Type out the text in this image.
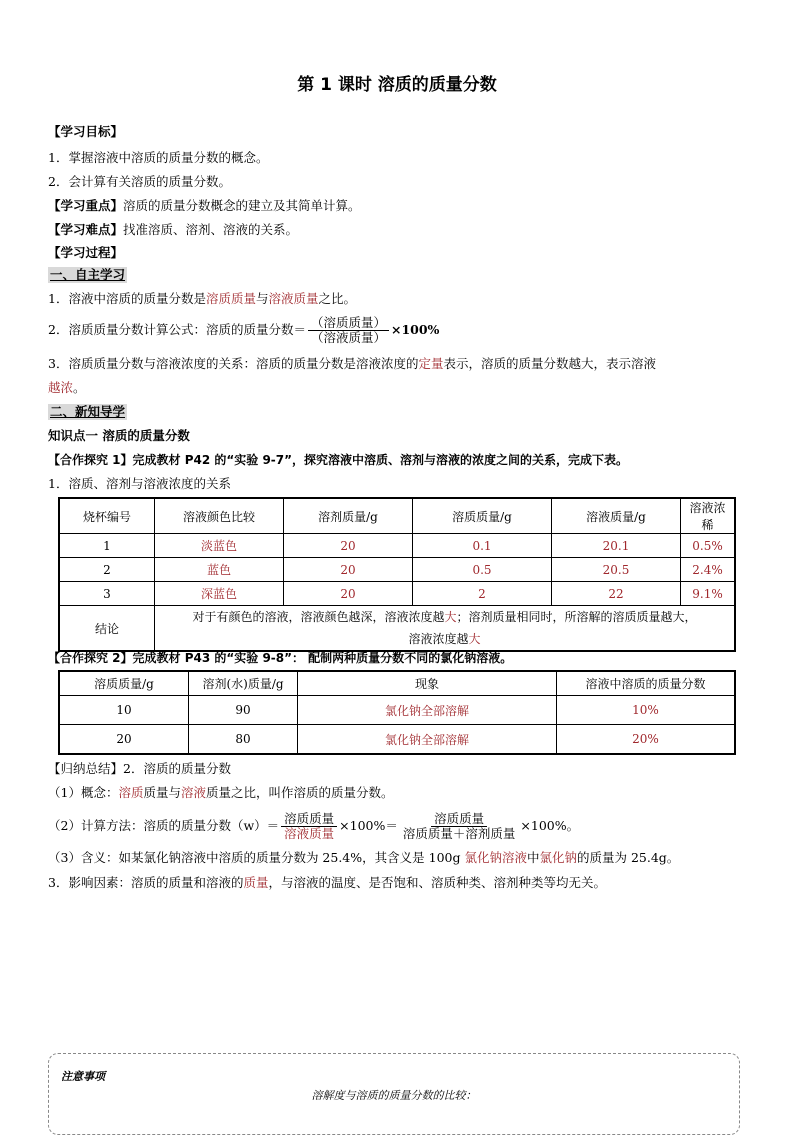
第 1 课时 溶质的质量分数
【学习目标】
1．掌握溶液中溶质的质量分数的概念。
2．会计算有关溶质的质量分数。
【学习重点】溶质的质量分数概念的建立及其简单计算。
【学习难点】找准溶质、溶剂、溶液的关系。
【学习过程】
一、自主学习
1．溶液中溶质的质量分数是溶质质量与溶液质量之比。
2．溶质质量分数计算公式：溶质的质量分数＝ $\frac{\text{（溶质质量）}}{\text{（溶液质量）}} \times 100\%$
3．溶质质量分数与溶液浓度的关系：溶质的质量分数是溶液浓度的定量表示，溶质的质量分数越大，表示溶液
越浓。
二、新知导学
知识点一 溶质的质量分数
【合作探究 1】完成教材 P42 的“实验 9-7”，探究溶液中溶质、溶剂与溶液的浓度之间的关系，完成下表。
1．溶质、溶剂与溶液浓度的关系
烧杯编号	溶液颜色比较	溶剂质量/g	溶质质量/g	溶液质量/g	溶液浓稀
1	淡蓝色	20	0.1	20.1	0.5%
2	蓝色	20	0.5	20.5	2.4%
3	深蓝色	20	2	22	9.1%
结论	对于有颜色的溶液，溶液颜色越深，溶液浓度越大；溶剂质量相同时，所溶解的溶质质量越大，
溶液浓度越大				
【合作探究 2】完成教材 P43 的“实验 9-8”： 配制两种质量分数不同的氯化钠溶液。
溶质质量/g	溶剂(水)质量/g	现象	溶液中溶质的质量分数
10	90	氯化钠全部溶解	10%
20	80	氯化钠全部溶解	20%
【归纳总结】2．溶质的质量分数
（1）概念：溶质质量与溶液质量之比，叫作溶质的质量分数。
（2）计算方法：溶质的质量分数$(w)= \frac{\text{溶质质量}}{\text{溶液质量}} \times 100\%= \frac{\text{溶质质量}}{\text{溶质质量＋溶剂质量}} \times 100\%$。
（3）含义：如某氯化钠溶液中溶质的质量分数为 25.4%，其含义是 100g 氯化钠溶液中氯化钠的质量为 25.4g。
3．影响因素：溶质的质量和溶液的质量，与溶液的温度、是否饱和、溶质种类、溶剂种类等均无关。
注意事项
溶解度与溶质的质量分数的比较：
